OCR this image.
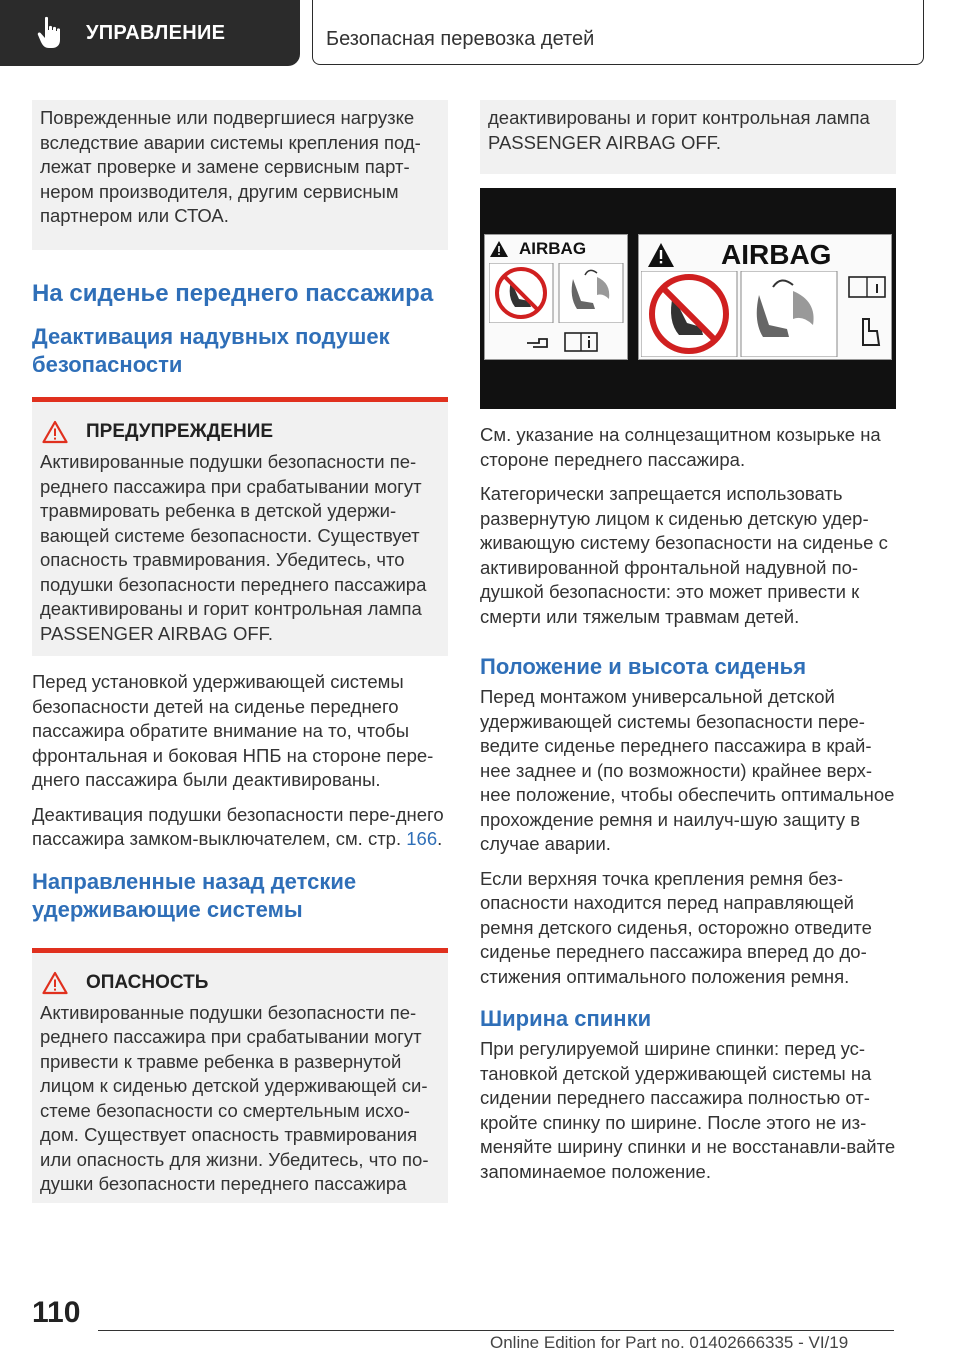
УПРАВЛЕНИЕ	Безопасная перевозка детей

Поврежденные или подвергшиеся нагрузке вследствие аварии системы крепления под-лежат проверке и замене сервисным парт-нером производителя, другим сервисным партнером или СТОА.

На сиденье переднего пассажира
Деактивация надувных подушек безопасности
ПРЕДУПРЕЖДЕНИЕ

Активированные подушки безопасности пе-реднего пассажира при срабатывании могут травмировать ребенка в детской удержи-вающей системе безопасности. Существует опасность травмирования. Убедитесь, что подушки безопасности переднего пассажира деактивированы и горит контрольная лампа PASSENGER AIRBAG OFF.

Перед установкой удерживающей системы безопасности детей на сиденье переднего пассажира обратите внимание на то, чтобы фронтальная и боковая НПБ на стороне пере-днего пассажира были деактивированы.

Деактивация подушки безопасности пере-днего пассажира замком-выключателем, см. стр. 166.

Направленные назад детские удерживающие системы
ОПАСНОСТЬ

Активированные подушки безопасности пе-реднего пассажира при срабатывании могут привести к травме ребенка в развернутой лицом к сиденью детской удерживающей си-стеме безопасности со смертельным исхо-дом. Существует опасность травмирования или опасность для жизни. Убедитесь, что по-душки безопасности переднего пассажира

деактивированы и горит контрольная лампа PASSENGER AIRBAG OFF.

AIRBAG	AIRBAG

См. указание на солнцезащитном козырьке на стороне переднего пассажира.

Категорически запрещается использовать развернутую лицом к сиденью детскую удер-живающую систему безопасности на сиденье с активированной фронтальной надувной по-душкой безопасности: это может привести к смерти или тяжелым травмам детей.

Положение и высота сиденья

Перед монтажом универсальной детской удерживающей системы безопасности пере-ведите сиденье переднего пассажира в край-нее заднее и (по возможности) крайнее верх-нее положение, чтобы обеспечить оптимальное прохождение ремня и наилуч-шую защиту в случае аварии.

Если верхняя точка крепления ремня без-опасности находится перед направляющей ремня детского сиденья, осторожно отведите сиденье переднего пассажира вперед до до-стижения оптимального положения ремня.

Ширина спинки

При регулируемой ширине спинки: перед ус-тановкой детской удерживающей системы на сидении переднего пассажира полностью от-кройте спинку по ширине. После этого не из-меняйте ширину спинки и не восстанавли-вайте запоминаемое положение.

110
Online Edition for Part no. 01402666335 - VI/19
